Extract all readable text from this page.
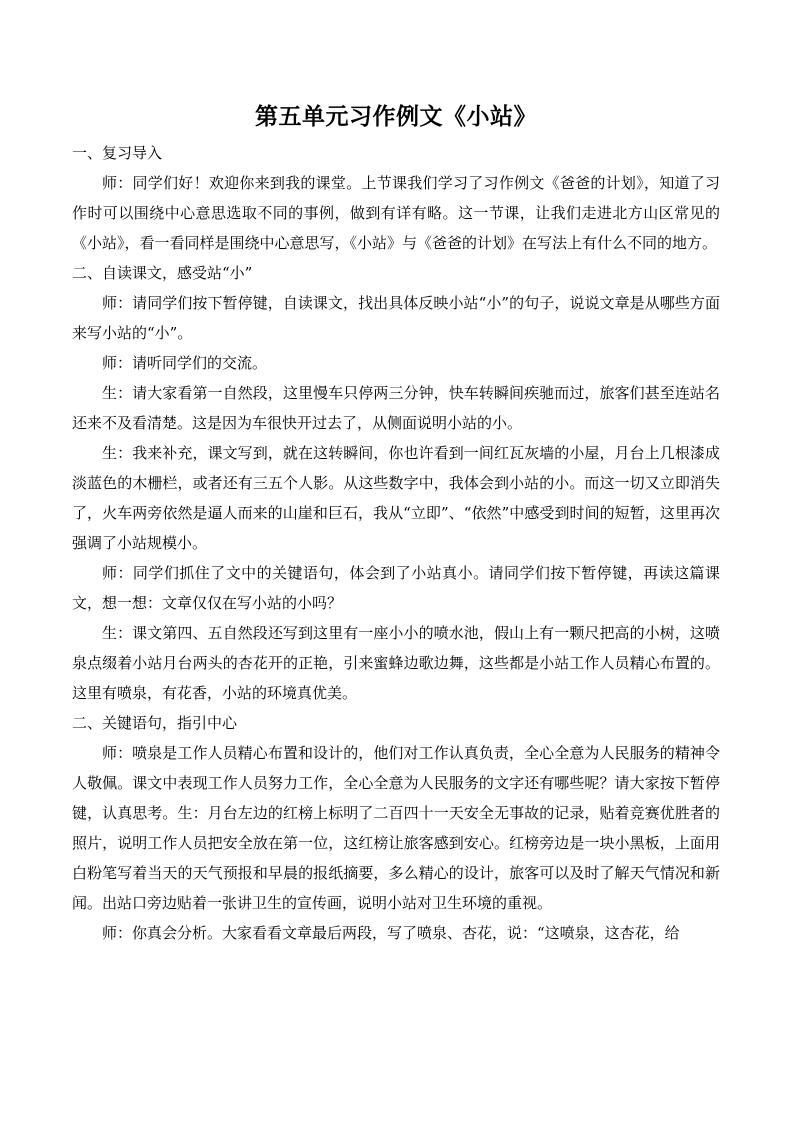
第五单元习作例文《小站》

一、复习导入

师：同学们好！欢迎你来到我的课堂。上节课我们学习了习作例文《爸爸的计划》，知道了习作时可以围绕中心意思选取不同的事例，做到有详有略。这一节课，让我们走进北方山区常见的《小站》，看一看同样是围绕中心意思写，《小站》与《爸爸的计划》在写法上有什么不同的地方。

二、自读课文，感受站“小”

师：请同学们按下暂停键，自读课文，找出具体反映小站“小”的句子，说说文章是从哪些方面来写小站的“小”。

师：请听同学们的交流。

生：请大家看第一自然段，这里慢车只停两三分钟，快车转瞬间疾驰而过，旅客们甚至连站名还来不及看清楚。这是因为车很快开过去了，从侧面说明小站的小。

生：我来补充，课文写到，就在这转瞬间，你也许看到一间红瓦灰墙的小屋，月台上几根漆成淡蓝色的木栅栏，或者还有三五个人影。从这些数字中，我体会到小站的小。而这一切又立即消失了，火车两旁依然是逼人而来的山崖和巨石，我从“立即”、“依然”中感受到时间的短暂，这里再次强调了小站规模小。

师：同学们抓住了文中的关键语句，体会到了小站真小。请同学们按下暂停键，再读这篇课文，想一想：文章仅仅在写小站的小吗？

生：课文第四、五自然段还写到这里有一座小小的喷水池，假山上有一颗尺把高的小树，这喷泉点缀着小站月台两头的杏花开的正艳，引来蜜蜂边歌边舞，这些都是小站工作人员精心布置的。这里有喷泉，有花香，小站的环境真优美。

二、关键语句，指引中心

师：喷泉是工作人员精心布置和设计的，他们对工作认真负责，全心全意为人民服务的精神令人敬佩。课文中表现工作人员努力工作，全心全意为人民服务的文字还有哪些呢？请大家按下暂停键，认真思考。生：月台左边的红榜上标明了二百四十一天安全无事故的记录，贴着竞赛优胜者的照片，说明工作人员把安全放在第一位，这红榜让旅客感到安心。红榜旁边是一块小黑板，上面用白粉笔写着当天的天气预报和早晨的报纸摘要，多么精心的设计，旅客可以及时了解天气情况和新闻。出站口旁边贴着一张讲卫生的宣传画，说明小站对卫生环境的重视。

师：你真会分析。大家看看文章最后两段，写了喷泉、杏花，说：“这喷泉，这杏花，给
